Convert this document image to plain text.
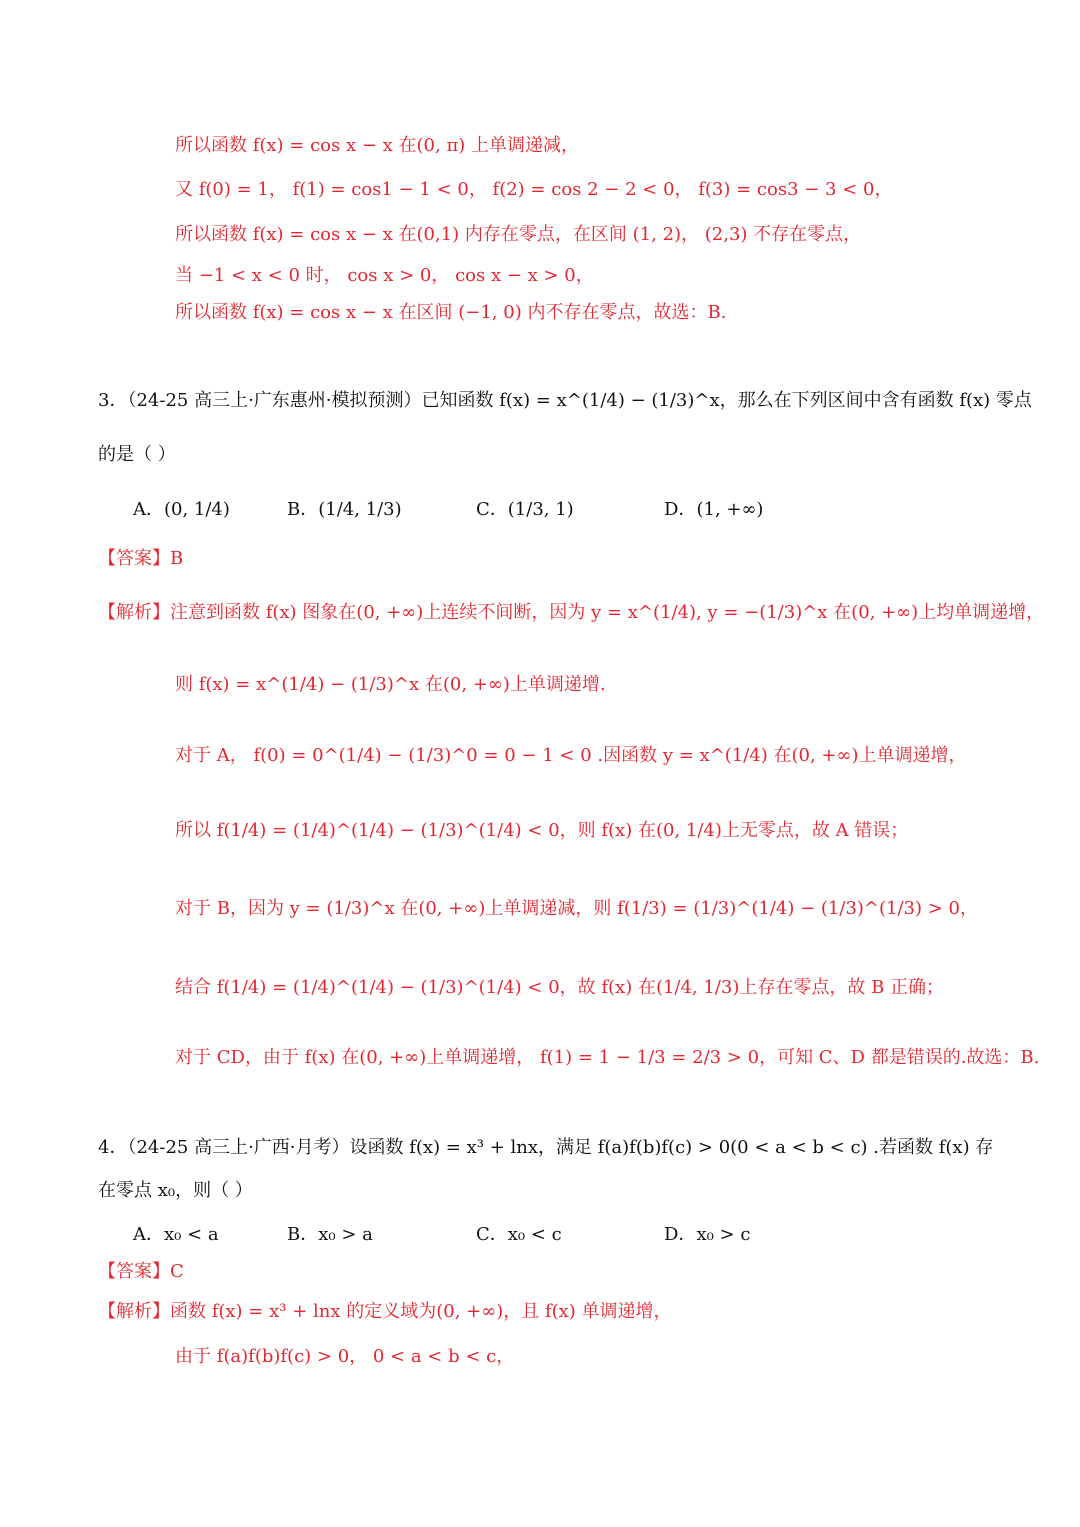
所以函数 f(x) = cos x − x 在(0, π) 上单调递减，
又 f(0) = 1， f(1) = cos1 − 1 < 0， f(2) = cos 2 − 2 < 0， f(3) = cos3 − 3 < 0，
所以函数 f(x) = cos x − x 在(0,1) 内存在零点，在区间 (1, 2)， (2,3) 不存在零点，
当 −1 < x < 0 时， cos x > 0， cos x − x > 0，
所以函数 f(x) = cos x − x 在区间 (−1, 0) 内不存在零点，故选：B.
3．（24-25 高三上·广东惠州·模拟预测）已知函数 f(x) = x^(1/4) − (1/3)^x，那么在下列区间中含有函数 f(x) 零点
的是（ ）
A．(0, 1/4)	B．(1/4, 1/3)	C．(1/3, 1)	D．(1, +∞)
【答案】B
【解析】注意到函数 f(x) 图象在(0, +∞)上连续不间断，因为 y = x^(1/4), y = −(1/3)^x 在(0, +∞)上均单调递增，
则 f(x) = x^(1/4) − (1/3)^x 在(0, +∞)上单调递增.
对于 A， f(0) = 0^(1/4) − (1/3)^0 = 0 − 1 < 0 .因函数 y = x^(1/4) 在(0, +∞)上单调递增，
所以 f(1/4) = (1/4)^(1/4) − (1/3)^(1/4) < 0，则 f(x) 在(0, 1/4)上无零点，故 A 错误；
对于 B，因为 y = (1/3)^x 在(0, +∞)上单调递减，则 f(1/3) = (1/3)^(1/4) − (1/3)^(1/3) > 0，
结合 f(1/4) = (1/4)^(1/4) − (1/3)^(1/4) < 0，故 f(x) 在(1/4, 1/3)上存在零点，故 B 正确；
对于 CD，由于 f(x) 在(0, +∞)上单调递增， f(1) = 1 − 1/3 = 2/3 > 0，可知 C、D 都是错误的.故选：B.
4．（24-25 高三上·广西·月考）设函数 f(x) = x³ + lnx，满足 f(a)f(b)f(c) > 0(0 < a < b < c) .若函数 f(x) 存
在零点 x₀，则（ ）
A．x₀ < a	B．x₀ > a	C．x₀ < c	D．x₀ > c
【答案】C
【解析】函数 f(x) = x³ + lnx 的定义域为(0, +∞)，且 f(x) 单调递增，
由于 f(a)f(b)f(c) > 0， 0 < a < b < c，
